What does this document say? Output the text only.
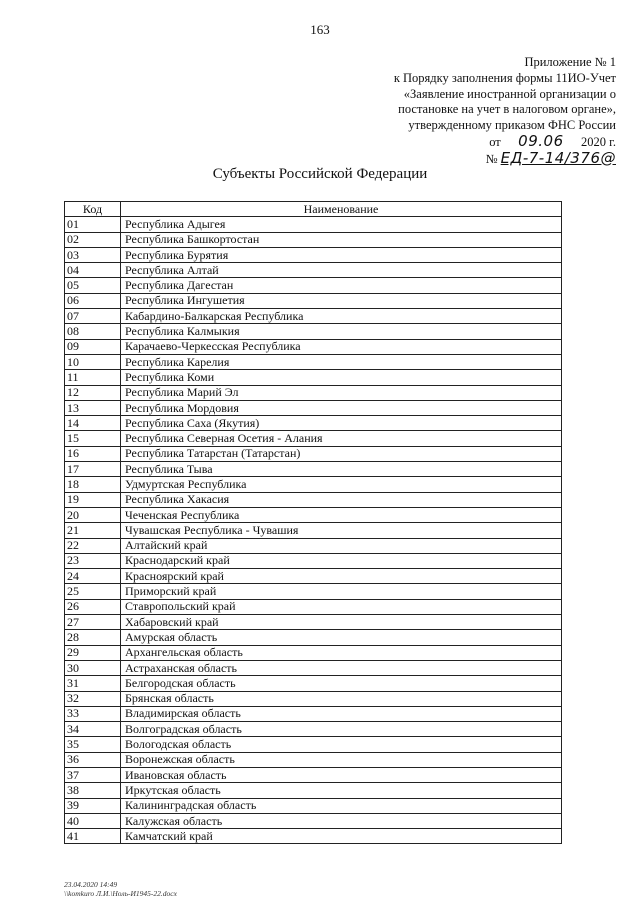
163
Приложение № 1
к Порядку заполнения формы 11ИО-Учет
«Заявление иностранной организации о
постановке на учет в налоговом органе»,
утвержденному приказом ФНС России
от 09.06 2020 г.
№ ЕД-7-14/376@
Субъекты Российской Федерации
Код	Наименование
01	Республика Адыгея
02	Республика Башкортостан
03	Республика Бурятия
04	Республика Алтай
05	Республика Дагестан
06	Республика Ингушетия
07	Кабардино-Балкарская Республика
08	Республика Калмыкия
09	Карачаево-Черкесская Республика
10	Республика Карелия
11	Республика Коми
12	Республика Марий Эл
13	Республика Мордовия
14	Республика Саха (Якутия)
15	Республика Северная Осетия - Алания
16	Республика Татарстан (Татарстан)
17	Республика Тыва
18	Удмуртская Республика
19	Республика Хакасия
20	Чеченская Республика
21	Чувашская Республика - Чувашия
22	Алтайский край
23	Краснодарский край
24	Красноярский край
25	Приморский край
26	Ставропольский край
27	Хабаровский край
28	Амурская область
29	Архангельская область
30	Астраханская область
31	Белгородская область
32	Брянская область
33	Владимирская область
34	Волгоградская область
35	Вологодская область
36	Воронежская область
37	Ивановская область
38	Иркутская область
39	Калининградская область
40	Калужская область
41	Камчатский край
23.04.2020 14:49
\\komkuro Л.И.\Ноль-И1945-22.docx
